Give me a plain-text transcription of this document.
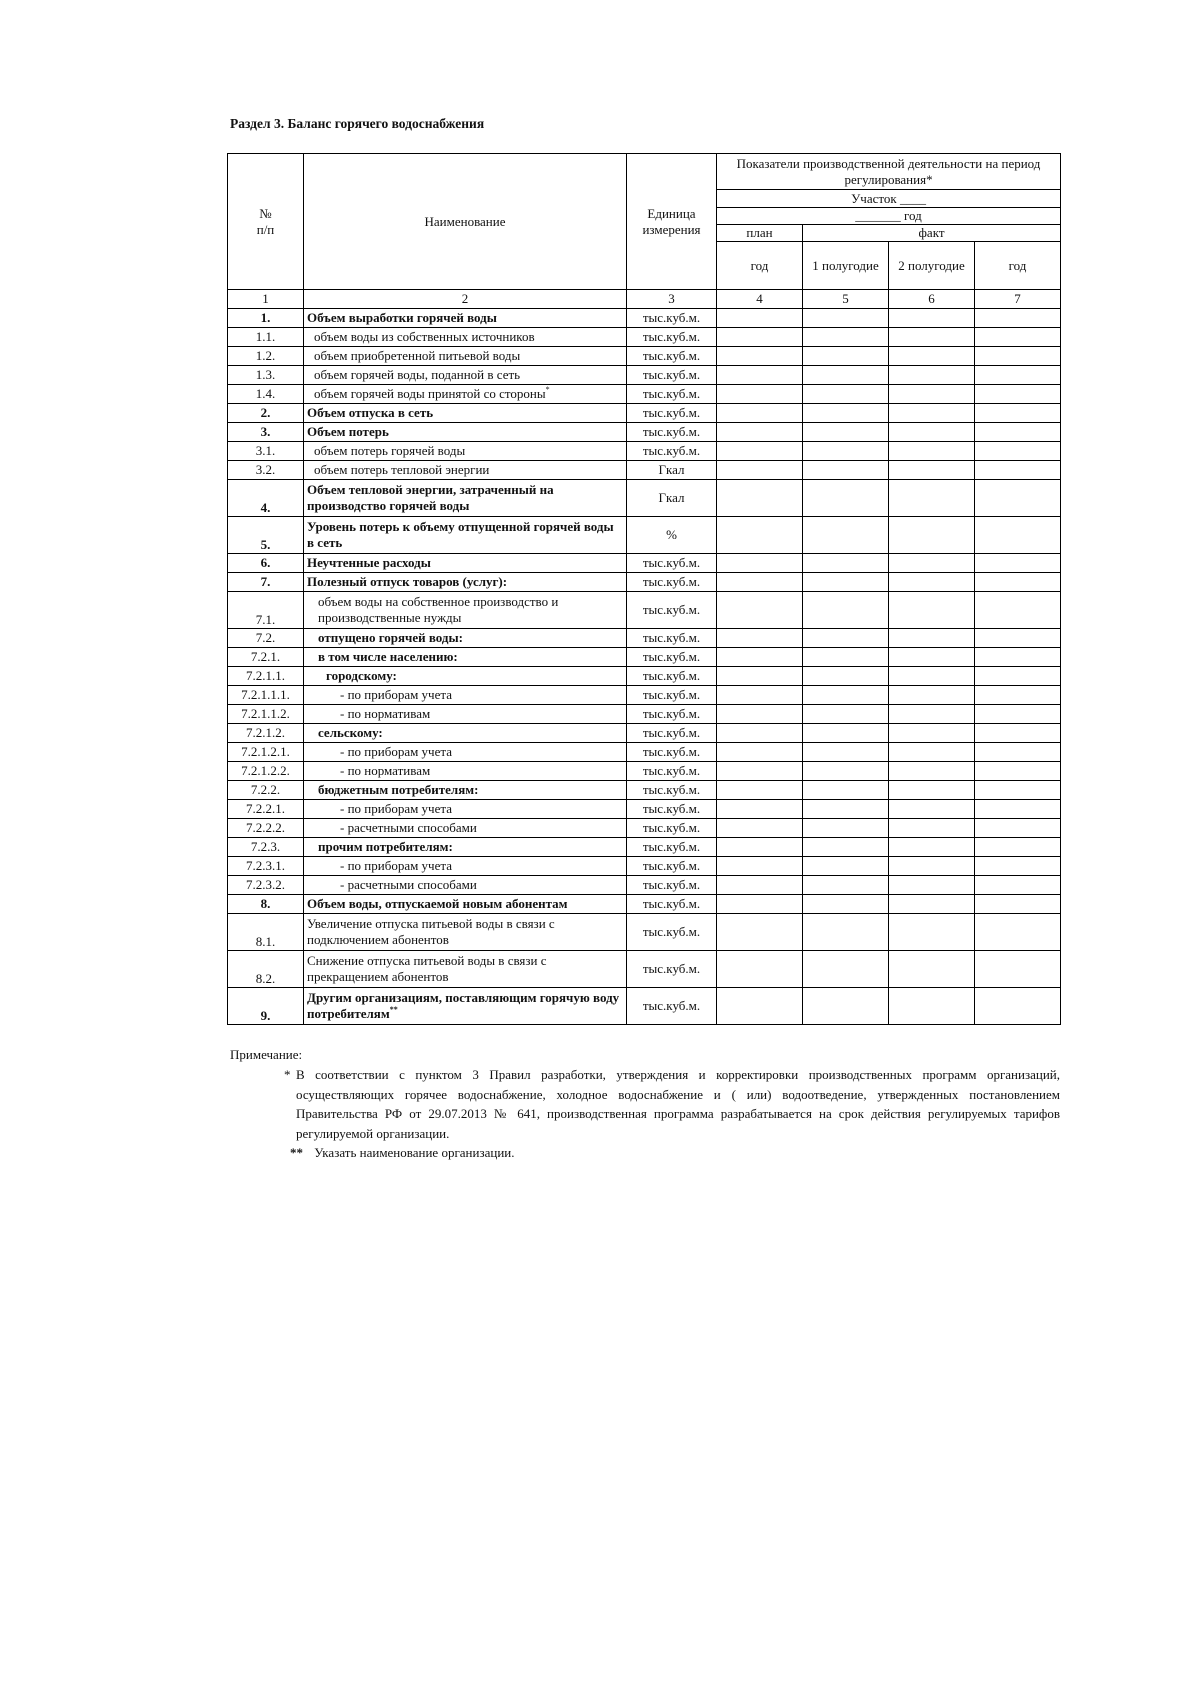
Раздел 3. Баланс горячего водоснабжения
№
п/п	Наименование	Единица измерения	Показатели производственной деятельности на период регулирования*			
			Участок ____			
			_______ год			
			план	факт		
			год	1 полугодие	2 полугодие	год
1	2	3	4	5	6	7
1.	Объем выработки горячей воды	тыс.куб.м.				
1.1.	объем воды из собственных источников	тыс.куб.м.				
1.2.	объем приобретенной питьевой воды	тыс.куб.м.				
1.3.	объем горячей воды, поданной в сеть	тыс.куб.м.				
1.4.	объем горячей воды принятой со стороны*	тыс.куб.м.				
2.	Объем отпуска в сеть	тыс.куб.м.				
3.	Объем потерь	тыс.куб.м.				
3.1.	объем потерь горячей воды	тыс.куб.м.				
3.2.	объем потерь тепловой энергии	Гкал				
4.	Объем тепловой энергии, затраченный на производство горячей воды	Гкал				
5.	Уровень потерь к объему отпущенной горячей воды в сеть	%				
6.	Неучтенные расходы	тыс.куб.м.				
7.	Полезный отпуск товаров (услуг):	тыс.куб.м.				
7.1.	объем воды на собственное производство и производственные нужды	тыс.куб.м.				
7.2.	отпущено горячей воды:	тыс.куб.м.				
7.2.1.	в том числе населению:	тыс.куб.м.				
7.2.1.1.	городскому:	тыс.куб.м.				
7.2.1.1.1.	- по приборам учета	тыс.куб.м.				
7.2.1.1.2.	- по нормативам	тыс.куб.м.				
7.2.1.2.	сельскому:	тыс.куб.м.				
7.2.1.2.1.	- по приборам учета	тыс.куб.м.				
7.2.1.2.2.	- по нормативам	тыс.куб.м.				
7.2.2.	бюджетным потребителям:	тыс.куб.м.				
7.2.2.1.	- по приборам учета	тыс.куб.м.				
7.2.2.2.	- расчетными способами	тыс.куб.м.				
7.2.3.	прочим потребителям:	тыс.куб.м.				
7.2.3.1.	- по приборам учета	тыс.куб.м.				
7.2.3.2.	- расчетными способами	тыс.куб.м.				
8.	Объем воды, отпускаемой новым абонентам	тыс.куб.м.				
8.1.	Увеличение отпуска питьевой воды в связи с подключением абонентов	тыс.куб.м.				
8.2.	Снижение отпуска питьевой воды в связи с прекращением абонентов	тыс.куб.м.				
9.	Другим организациям, поставляющим горячую воду потребителям**	тыс.куб.м.				
Примечание:
* В соответствии с пунктом 3 Правил разработки, утверждения и корректировки производственных программ организаций, осуществляющих горячее водоснабжение, холодное водоснабжение и ( или) водоотведение, утвержденных постановлением Правительства РФ от 29.07.2013 № 641, производственная программа разрабатывается на срок действия регулируемых тарифов регулируемой организации.
** Указать наименование организации.
